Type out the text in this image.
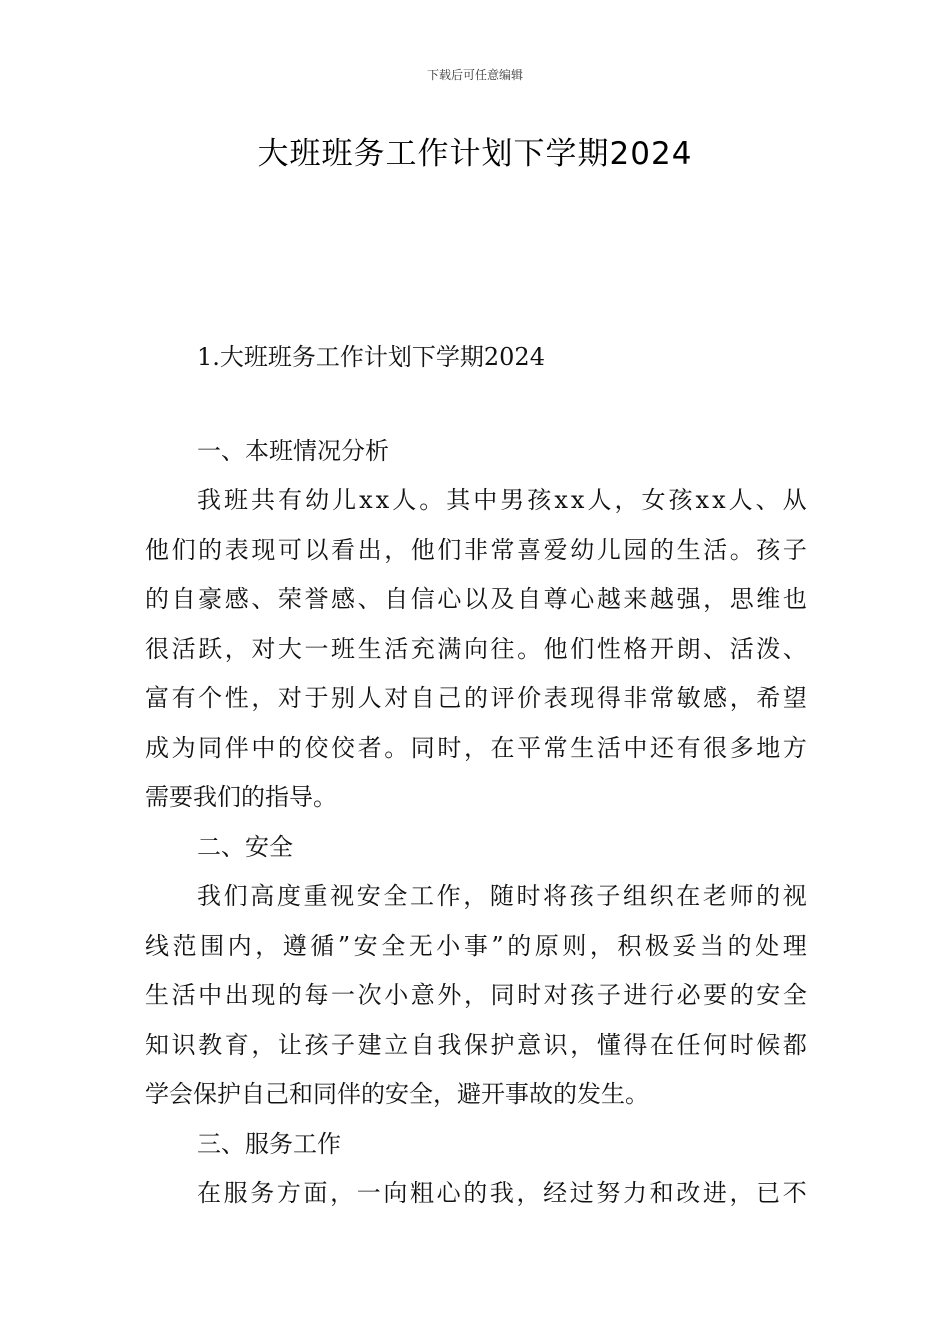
下载后可任意编辑
大班班务工作计划下学期2024

1.大班班务工作计划下学期2024

一、本班情况分析

我 班 共 有 幼 儿 x x 人 。 其 中 男 孩 x x 人 ， 女 孩 x x 人 、 从

他 们 的 表 现 可 以 看 出 ， 他 们 非 常 喜 爱 幼 儿 园 的 生 活 。 孩 子

的 自 豪 感 、 荣 誉 感 、 自 信 心 以 及 自 尊 心 越 来 越 强 ， 思 维 也

很 活 跃 ， 对 大 一 班 生 活 充 满 向 往 。 他 们 性 格 开 朗 、 活 泼 、

富 有 个 性 ， 对 于 别 人 对 自 己 的 评 价 表 现 得 非 常 敏 感 ， 希 望

成 为 同 伴 中 的 佼 佼 者 。 同 时 ， 在 平 常 生 活 中 还 有 很 多 地 方

需要我们的指导。

二、安全

我 们 高 度 重 视 安 全 工 作 ， 随 时 将 孩 子 组 织 在 老 师 的 视

线 范 围 内 ， 遵 循 ” 安 全 无 小 事 ” 的 原 则 ， 积 极 妥 当 的 处 理

生 活 中 出 现 的 每 一 次 小 意 外 ， 同 时 对 孩 子 进 行 必 要 的 安 全

知 识 教 育 ， 让 孩 子 建 立 自 我 保 护 意 识 ， 懂 得 在 任 何 时 候 都

学会保护自己和同伴的安全，避开事故的发生。

三、服务工作

在 服 务 方 面 ， 一 向 粗 心 的 我 ， 经 过 努 力 和 改 进 ， 已 不
